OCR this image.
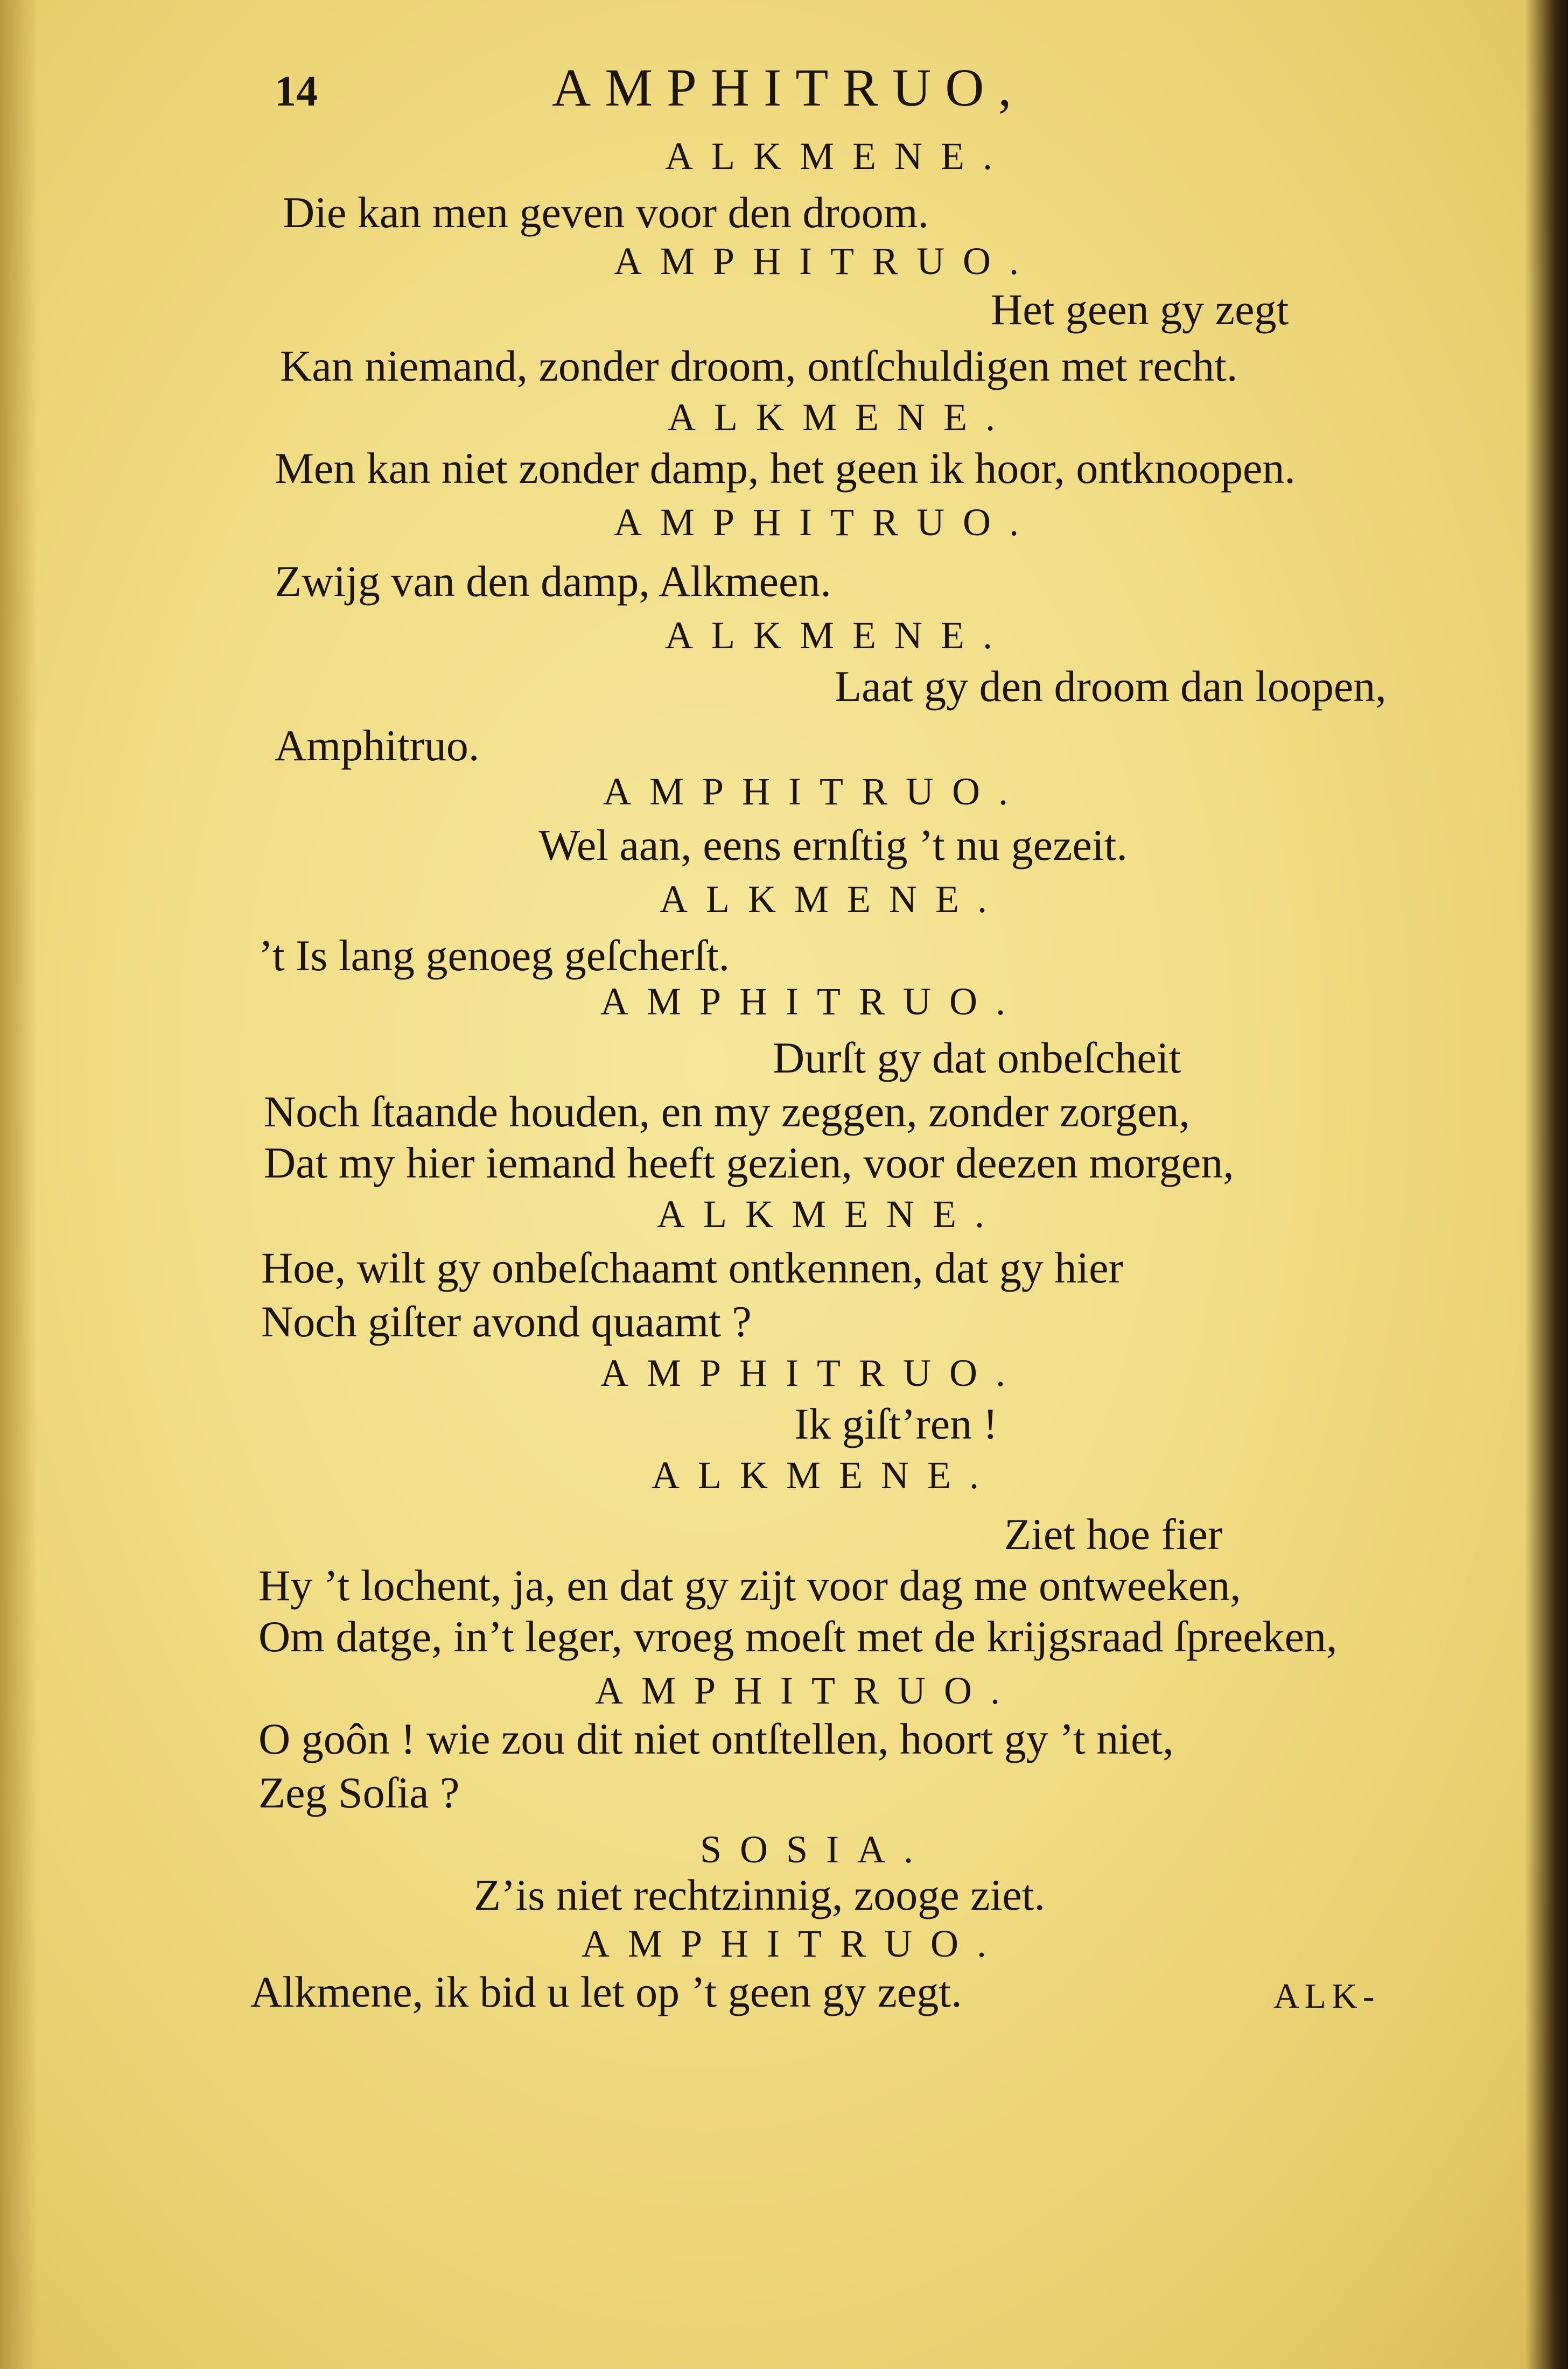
14	AMPHITRUO,
ALKMENE.
Die kan men geven voor den droom.
AMPHITRUO.
Het geen gy zegt
Kan niemand, zonder droom, ontſchuldigen met recht.
ALKMENE.
Men kan niet zonder damp, het geen ik hoor, ontknoopen.
AMPHITRUO.
Zwijg van den damp, Alkmeen.
ALKMENE.
Laat gy den droom dan loopen,
Amphitruo.
AMPHITRUO.
Wel aan, eens ernſtig ’t nu gezeit.
ALKMENE.
’t Is lang genoeg geſcherſt.
AMPHITRUO.
Durſt gy dat onbeſcheit
Noch ſtaande houden, en my zeggen, zonder zorgen,
Dat my hier iemand heeft gezien, voor deezen morgen,
ALKMENE.
Hoe, wilt gy onbeſchaamt ontkennen, dat gy hier
Noch giſter avond quaamt ?
AMPHITRUO.
Ik giſt’ren !
ALKMENE.
Ziet hoe fier
Hy ’t lochent, ja, en dat gy zijt voor dag me ontweeken,
Om datge, in’t leger, vroeg moeſt met de krijgsraad ſpreeken,
AMPHITRUO.
O goôn ! wie zou dit niet ontſtellen, hoort gy ’t niet,
Zeg Soſia ?
SOSIA.
Z’is niet rechtzinnig, zooge ziet.
AMPHITRUO.
Alkmene, ik bid u let op ’t geen gy zegt.	ALK-
